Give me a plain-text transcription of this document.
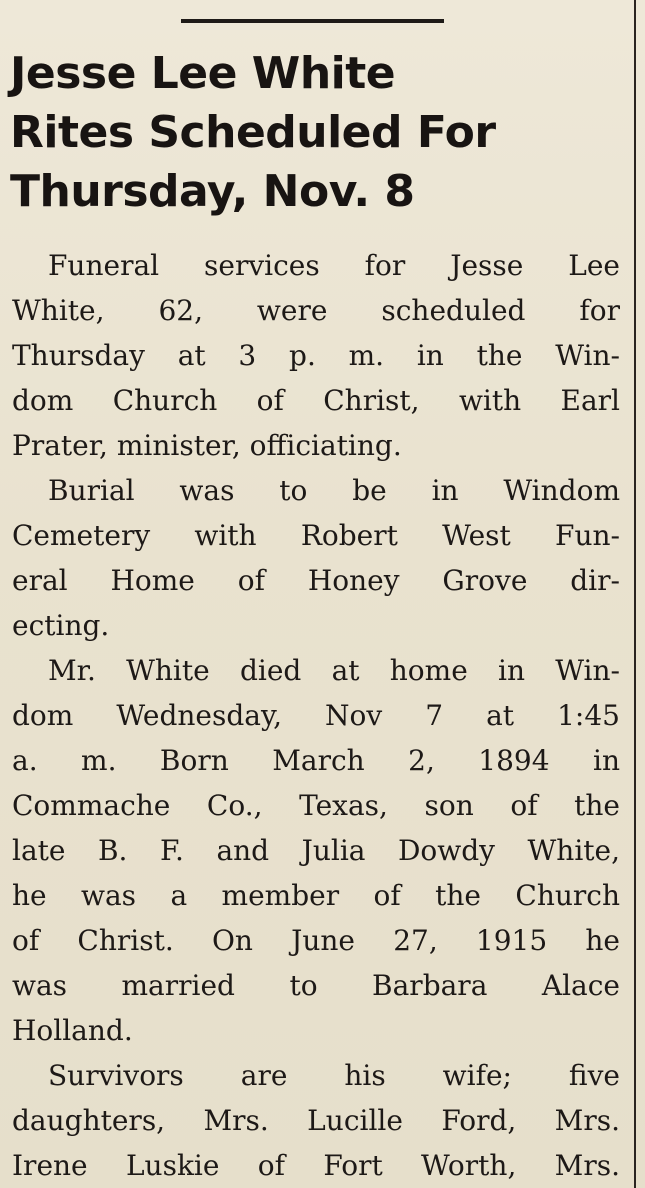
Jesse Lee White
Rites Scheduled For
Thursday, Nov. 8
Funeral services for Jesse Lee
White, 62, were scheduled for
Thursday at 3 p. m. in the Win-
dom Church of Christ, with Earl
Prater, minister, officiating.
Burial was to be in Windom
Cemetery with Robert West Fun-
eral Home of Honey Grove dir-
ecting.
Mr. White died at home in Win-
dom Wednesday, Nov 7 at 1:45
a. m. Born March 2, 1894 in
Commache Co., Texas, son of the
late B. F. and Julia Dowdy White,
he was a member of the Church
of Christ. On June 27, 1915 he
was married to Barbara Alace
Holland.
Survivors are his wife; five
daughters, Mrs. Lucille Ford, Mrs.
Irene Luskie of Fort Worth, Mrs.
